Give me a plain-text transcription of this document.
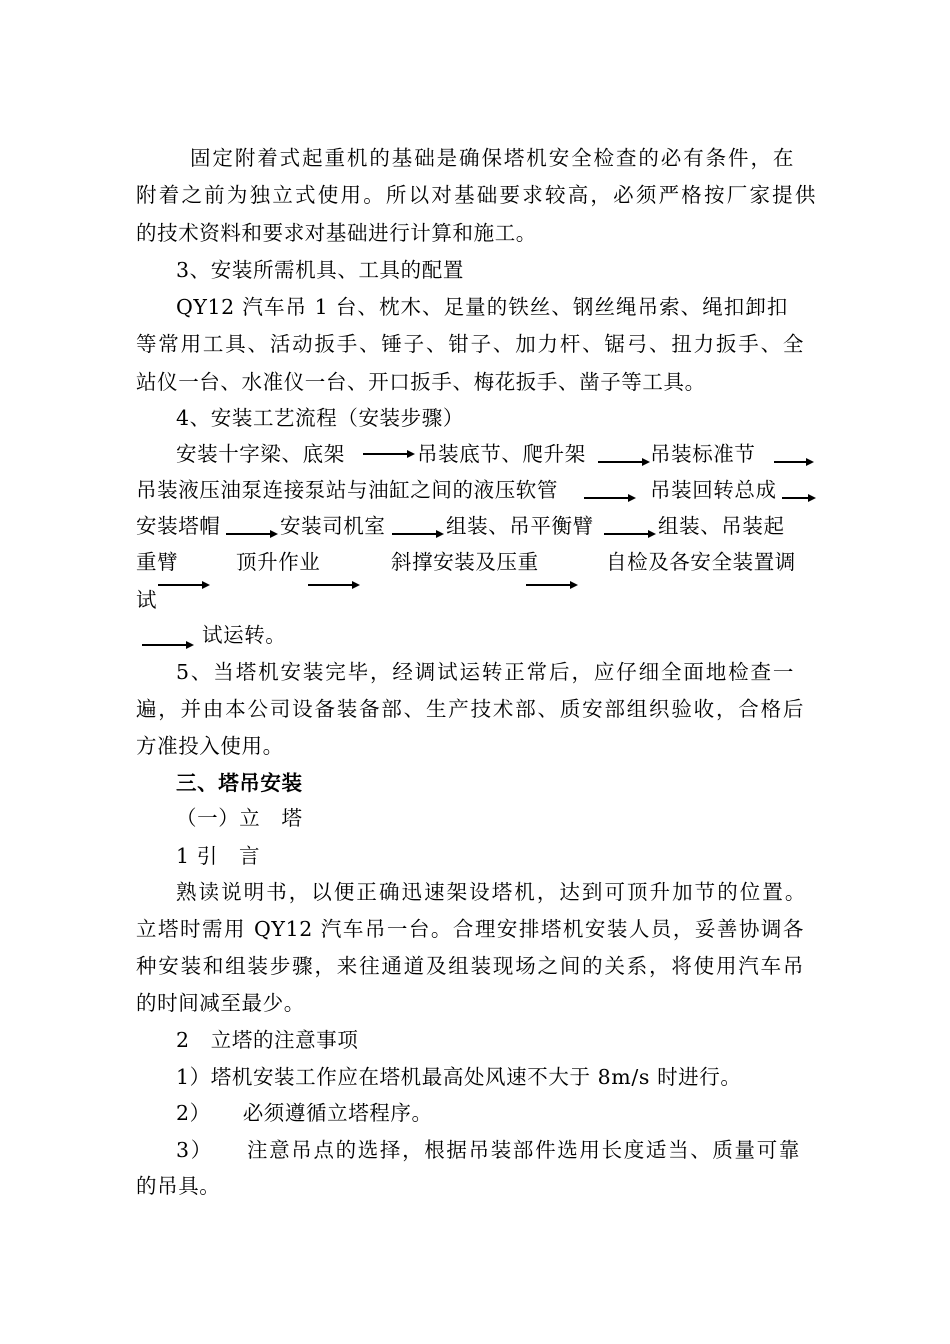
固定附着式起重机的基础是确保塔机安全检查的必有条件，在
附着之前为独立式使用。所以对基础要求较高，必须严格按厂家提供
的技术资料和要求对基础进行计算和施工。
3、安装所需机具、工具的配置
QY12 汽车吊 1 台、枕木、足量的铁丝、钢丝绳吊索、绳扣卸扣
等常用工具、活动扳手、锤子、钳子、加力杆、锯弓、扭力扳手、全
站仪一台、水准仪一台、开口扳手、梅花扳手、凿子等工具。
4、安装工艺流程（安装步骤）
安装十字梁、底架	吊装底节、爬升架	吊装标准节
吊装液压油泵连接泵站与油缸之间的液压软管	吊装回转总成
安装塔帽	安装司机室	组装、吊平衡臂	组装、吊装起
重臂	顶升作业	斜撑安装及压重	自检及各安全装置调
试
试运转。
5、当塔机安装完毕，经调试运转正常后，应仔细全面地检查一
遍，并由本公司设备装备部、生产技术部、质安部组织验收，合格后
方准投入使用。
三、塔吊安装
（一）立　塔
1 引　言
熟读说明书，以便正确迅速架设塔机，达到可顶升加节的位置。
立塔时需用 QY12 汽车吊一台。合理安排塔机安装人员，妥善协调各
种安装和组装步骤，来往通道及组装现场之间的关系，将使用汽车吊
的时间减至最少。
2　立塔的注意事项
1）塔机安装工作应在塔机最高处风速不大于 8m/s 时进行。
2）　　必须遵循立塔程序。
3）　　注意吊点的选择，根据吊装部件选用长度适当、质量可靠
的吊具。
